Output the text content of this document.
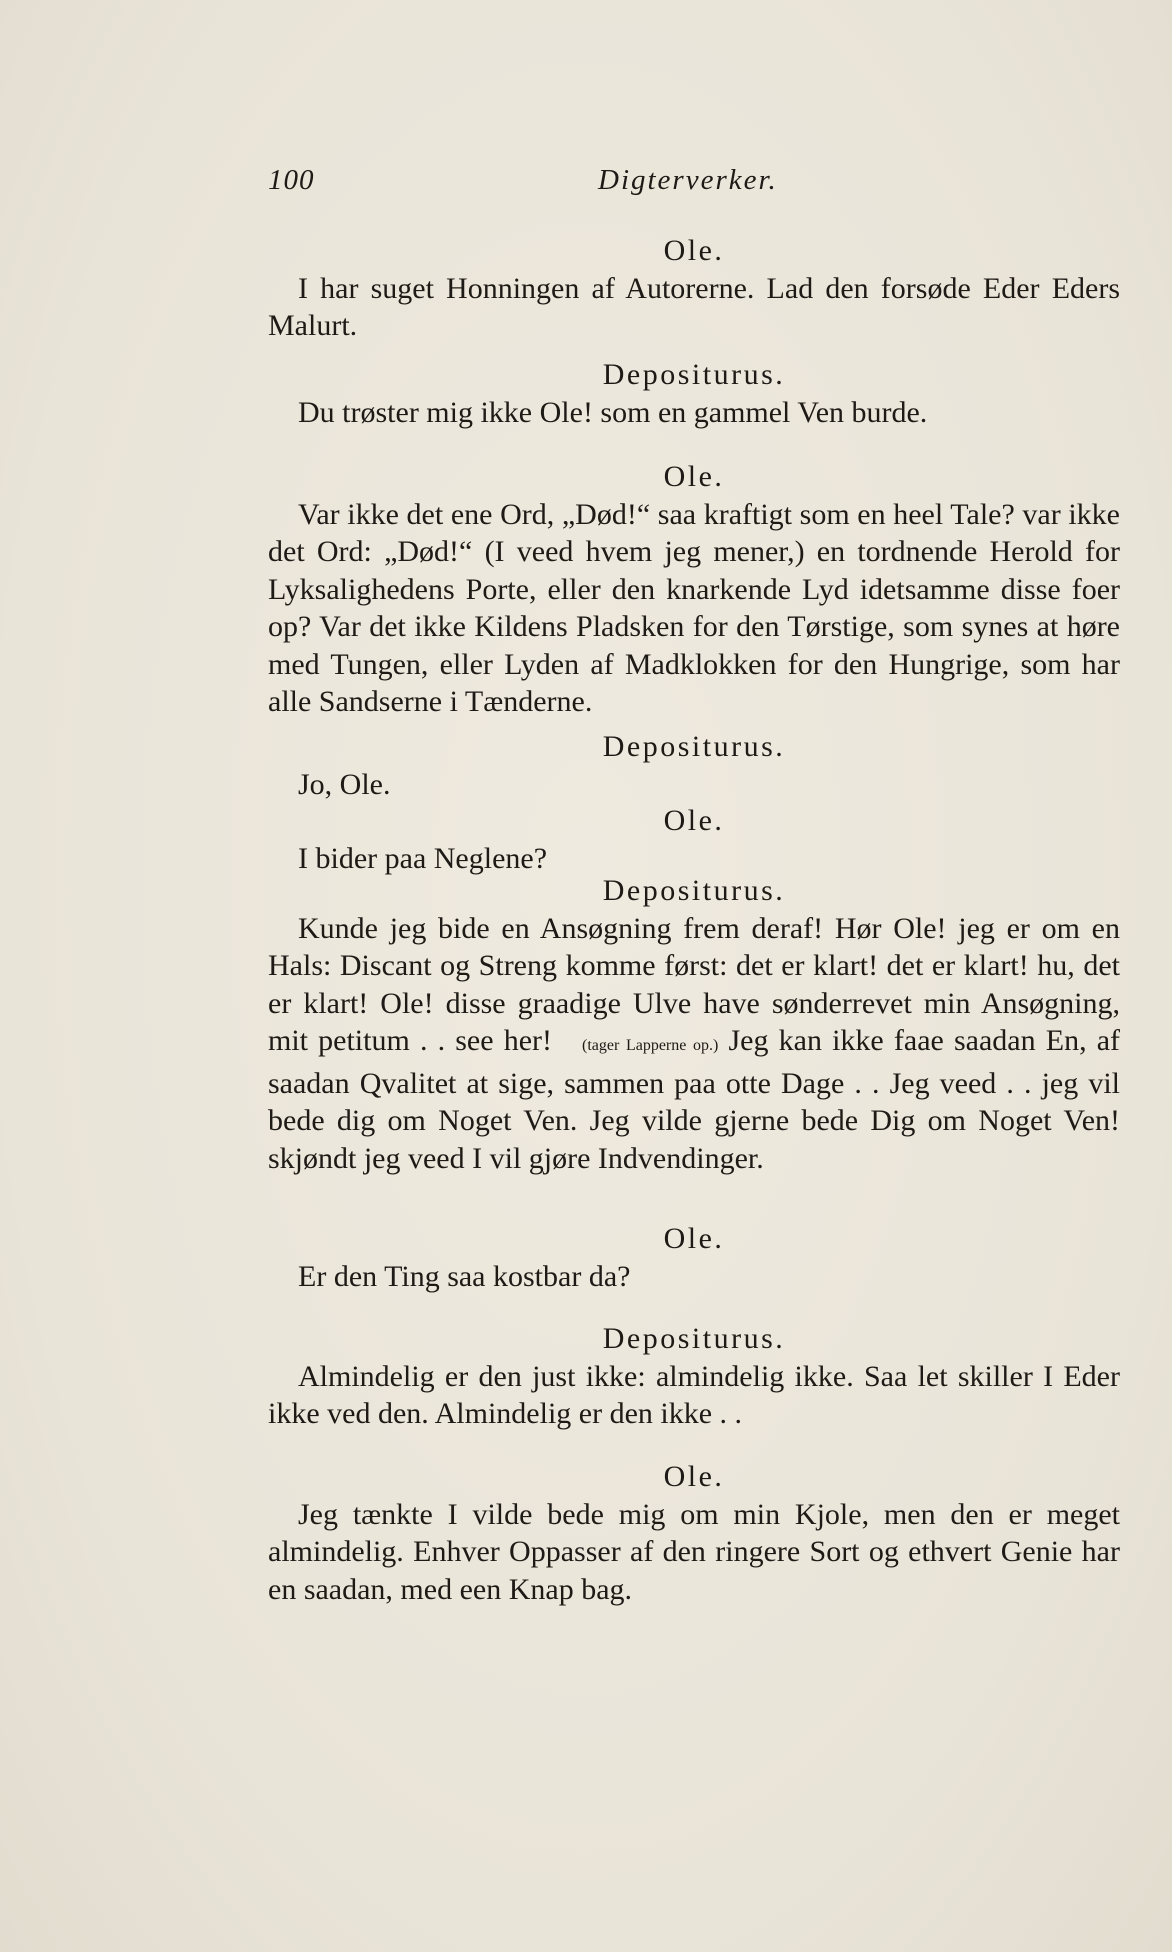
100	Digterverker.
Ole.
I har suget Honningen af Autorerne. Lad den forsøde Eder Eders Malurt.
Depositurus.
Du trøster mig ikke Ole! som en gammel Ven burde.
Ole.
Var ikke det ene Ord, „Død!“ saa kraftigt som en heel Tale? var ikke det Ord: „Død!“ (I veed hvem jeg mener,) en tordnende Herold for Lyksalighedens Porte, eller den knarkende Lyd idetsamme disse foer op? Var det ikke Kildens Pladsken for den Tørstige, som synes at høre med Tungen, eller Lyden af Madklokken for den Hungrige, som har alle Sandserne i Tænderne.
Depositurus.
Jo, Ole.
Ole.
I bider paa Neglene?
Depositurus.
Kunde jeg bide en Ansøgning frem deraf! Hør Ole! jeg er om en Hals: Discant og Streng komme først: det er klart! det er klart! hu, det er klart! Ole! disse graadige Ulve have sønderrevet min Ansøgning, mit petitum . . see her! (tager Lapperne op.) Jeg kan ikke faae saadan En, af saadan Qvalitet at sige, sammen paa otte Dage . . Jeg veed . . jeg vil bede dig om Noget Ven. Jeg vilde gjerne bede Dig om Noget Ven! skjøndt jeg veed I vil gjøre Indvendinger.
Ole.
Er den Ting saa kostbar da?
Depositurus.
Almindelig er den just ikke: almindelig ikke. Saa let skiller I Eder ikke ved den. Almindelig er den ikke . .
Ole.
Jeg tænkte I vilde bede mig om min Kjole, men den er meget almindelig. Enhver Oppasser af den ringere Sort og ethvert Genie har en saadan, med een Knap bag.
